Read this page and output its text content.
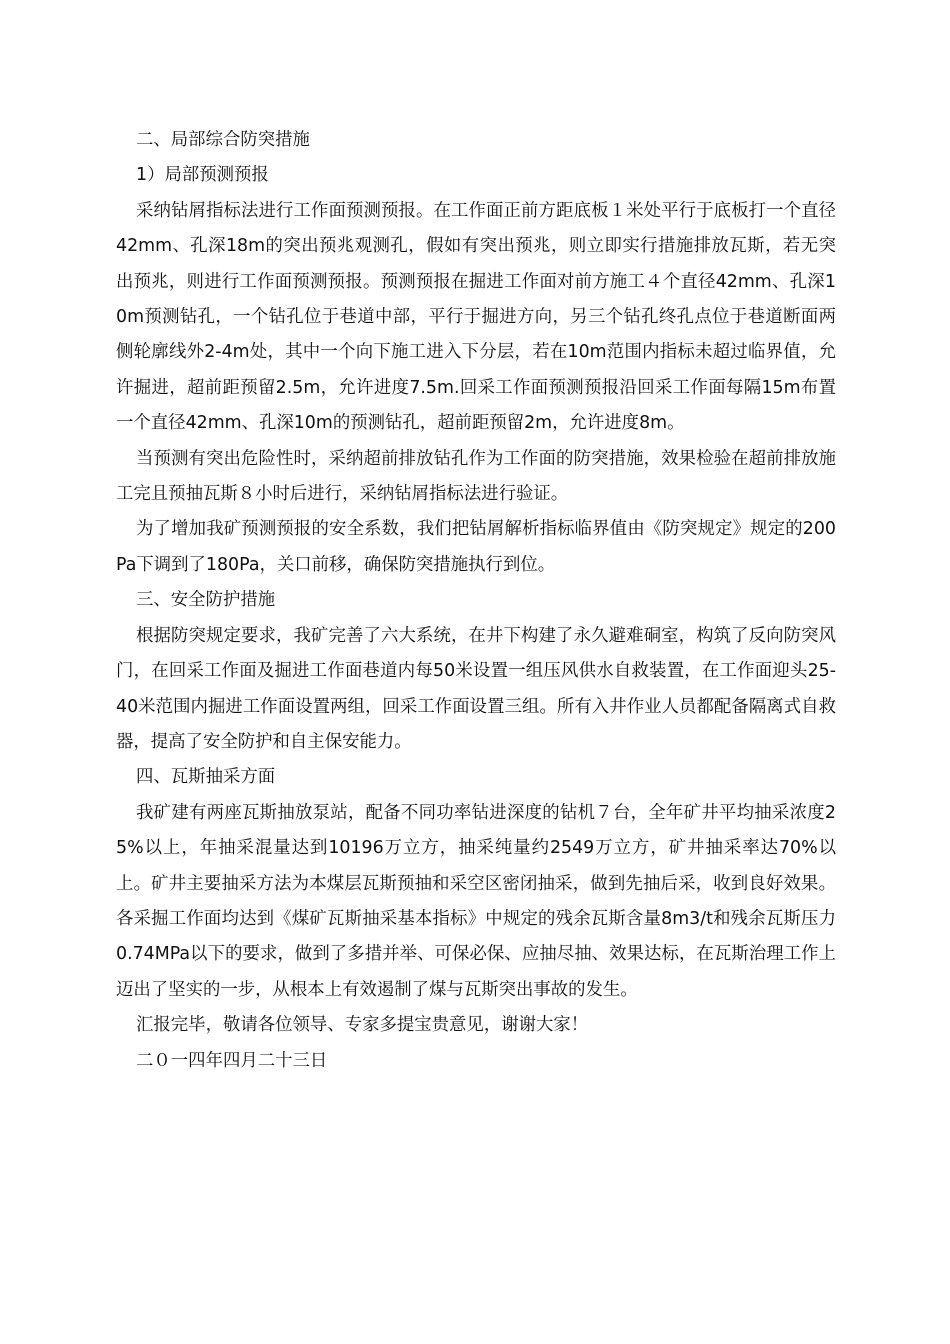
二、局部综合防突措施

1）局部预测预报

采纳钻屑指标法进行工作面预测预报。在工作面正前方距底板１米处平行于底板打一个直径42mm、孔深18m的突出预兆观测孔，假如有突出预兆，则立即实行措施排放瓦斯，若无突出预兆，则进行工作面预测预报。预测预报在掘进工作面对前方施工４个直径42mm、孔深10m预测钻孔，一个钻孔位于巷道中部，平行于掘进方向，另三个钻孔终孔点位于巷道断面两侧轮廓线外2-4m处，其中一个向下施工进入下分层，若在10m范围内指标未超过临界值，允许掘进，超前距预留2.5m，允许进度7.5m.回采工作面预测预报沿回采工作面每隔15m布置一个直径42mm、孔深10m的预测钻孔，超前距预留2m，允许进度8m。

当预测有突出危险性时，采纳超前排放钻孔作为工作面的防突措施，效果检验在超前排放施工完且预抽瓦斯８小时后进行，采纳钻屑指标法进行验证。

为了增加我矿预测预报的安全系数，我们把钻屑解析指标临界值由《防突规定》规定的200Pa下调到了180Pa，关口前移，确保防突措施执行到位。

三、安全防护措施

根据防突规定要求，我矿完善了六大系统，在井下构建了永久避难硐室，构筑了反向防突风门，在回采工作面及掘进工作面巷道内每50米设置一组压风供水自救装置，在工作面迎头25-40米范围内掘进工作面设置两组，回采工作面设置三组。所有入井作业人员都配备隔离式自救器，提高了安全防护和自主保安能力。

四、瓦斯抽采方面

我矿建有两座瓦斯抽放泵站，配备不同功率钻进深度的钻机７台，全年矿井平均抽采浓度25%以上，年抽采混量达到10196万立方，抽采纯量约2549万立方，矿井抽采率达70%以上。矿井主要抽采方法为本煤层瓦斯预抽和采空区密闭抽采，做到先抽后采，收到良好效果。各采掘工作面均达到《煤矿瓦斯抽采基本指标》中规定的残余瓦斯含量8m3/t和残余瓦斯压力0.74MPa以下的要求，做到了多措并举、可保必保、应抽尽抽、效果达标，在瓦斯治理工作上迈出了坚实的一步，从根本上有效遏制了煤与瓦斯突出事故的发生。

汇报完毕，敬请各位领导、专家多提宝贵意见，谢谢大家！

二０一四年四月二十三日
